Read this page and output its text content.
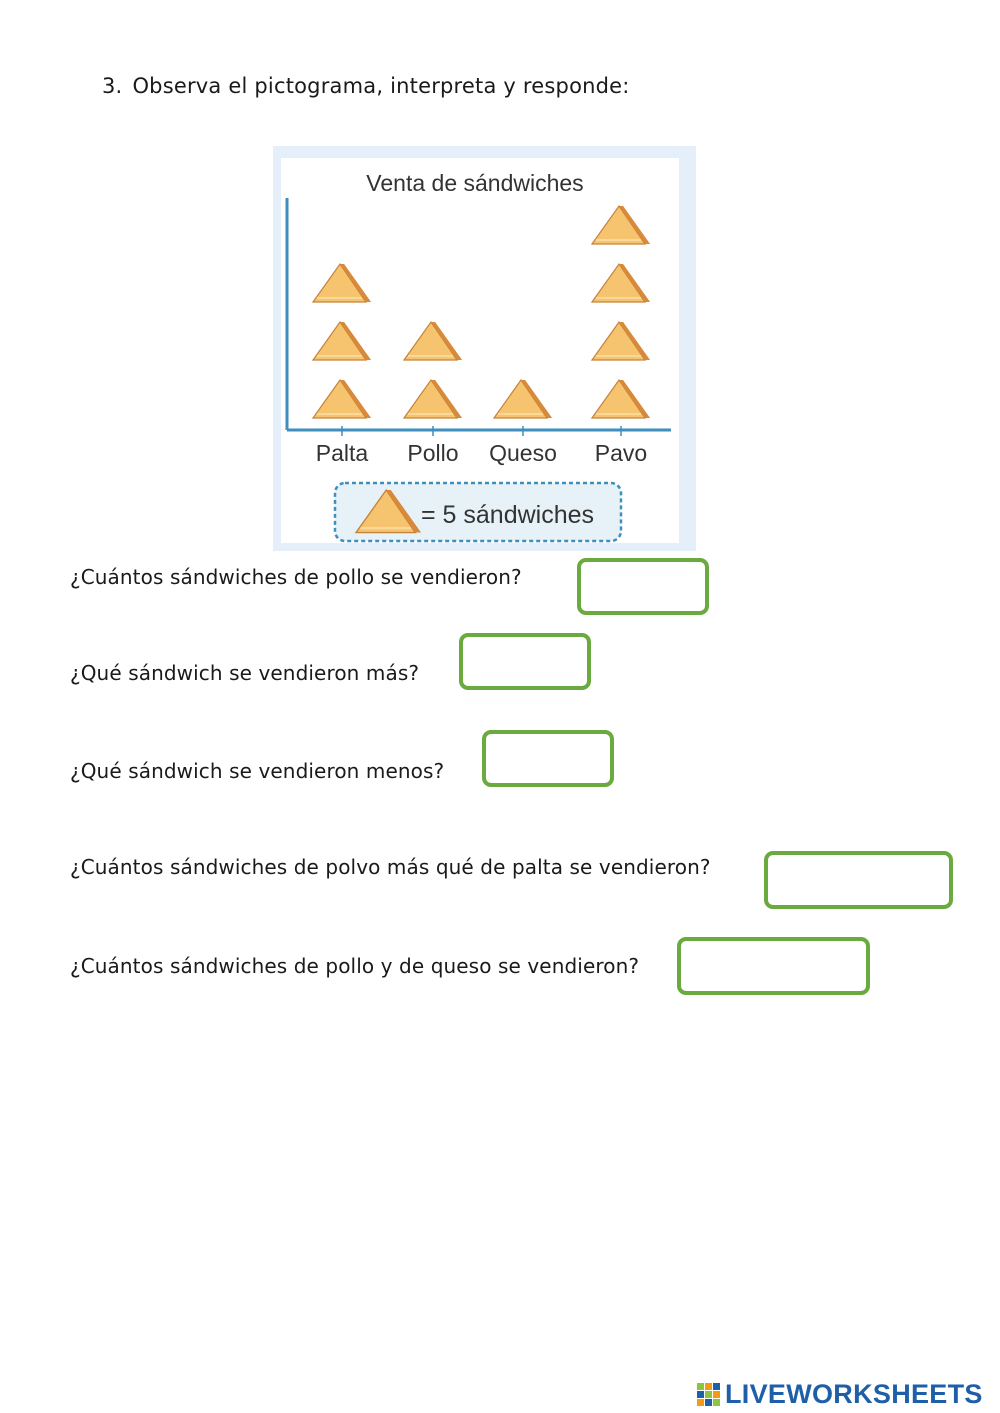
3. Observa el pictograma, interpreta y responde:
Venta de sándwiches
Palta Pollo Queso Pavo
= 5 sándwiches
¿Cuántos sándwiches de pollo se vendieron?
¿Qué sándwich se vendieron más?
¿Qué sándwich se vendieron menos?
¿Cuántos sándwiches de polvo más qué de palta se vendieron?
¿Cuántos sándwiches de pollo y de queso se vendieron?
LIVEWORKSHEETS
